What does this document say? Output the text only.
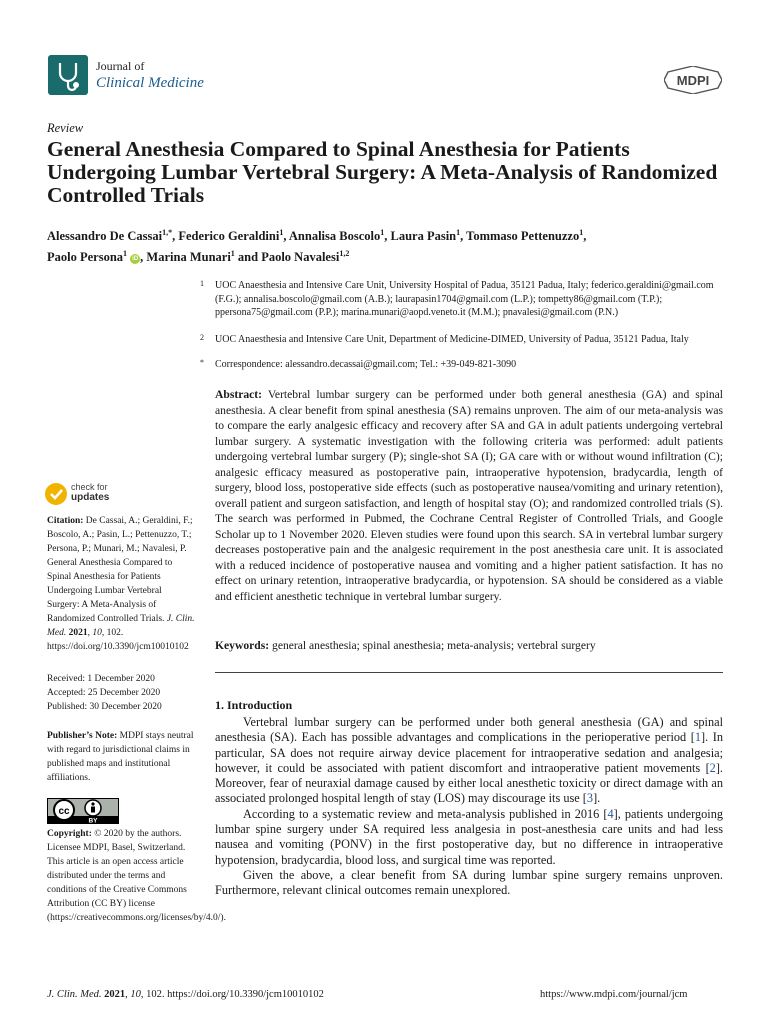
Journal of
Clinical Medicine	MDPI
Review
General Anesthesia Compared to Spinal Anesthesia for Patients Undergoing Lumbar Vertebral Surgery: A Meta-Analysis of Randomized Controlled Trials
Alessandro De Cassai$^{1,*}$, Federico Geraldini$^1$, Annalisa Boscolo$^1$, Laura Pasin$^1$, Tommaso Pettenuzzo$^1$,
Paolo Persona$^1$ iD , Marina Munari$^1$ and Paolo Navalesi$^{1,2}$
1 UOC Anaesthesia and Intensive Care Unit, University Hospital of Padua, 35121 Padua, Italy; federico.geraldini@gmail.com (F.G.); annalisa.boscolo@gmail.com (A.B.); laurapasin1704@gmail.com (L.P.); tompetty86@gmail.com (T.P.); ppersona75@gmail.com (P.P.); marina.munari@aopd.veneto.it (M.M.); pnavalesi@gmail.com (P.N.)
2 UOC Anaesthesia and Intensive Care Unit, Department of Medicine-DIMED, University of Padua, 35121 Padua, Italy
* Correspondence: alessandro.decassai@gmail.com; Tel.: +39-049-821-3090
Abstract: Vertebral lumbar surgery can be performed under both general anesthesia (GA) and spinal anesthesia. A clear benefit from spinal anesthesia (SA) remains unproven. The aim of our meta-analysis was to compare the early analgesic efficacy and recovery after SA and GA in adult patients undergoing vertebral lumbar surgery. A systematic investigation with the following criteria was performed: adult patients undergoing vertebral lumbar surgery (P); single-shot SA (I); GA care with or without wound infiltration (C); analgesic efficacy measured as postoperative pain, intraoperative hypotension, bradycardia, length of surgery, blood loss, postoperative side effects (such as postoperative nausea/vomiting and urinary retention), overall patient and surgeon satisfaction, and length of hospital stay (O); and randomized controlled trials (S). The search was performed in Pubmed, the Cochrane Central Register of Controlled Trials, and Google Scholar up to 1 November 2020. Eleven studies were found upon this search. SA in vertebral lumbar surgery decreases postoperative pain and the analgesic requirement in the post anesthesia care unit. It is associated with a reduced incidence of postoperative nausea and vomiting and a higher patient satisfaction. It has no effect on urinary retention, intraoperative bradycardia, or hypotension. SA should be considered as a viable and efficient anesthetic technique in vertebral lumbar surgery.
Keywords: general anesthesia; spinal anesthesia; meta-analysis; vertebral surgery
1. Introduction

Vertebral lumbar surgery can be performed under both general anesthesia (GA) and spinal anesthesia (SA). Each has possible advantages and complications in the perioperative period [1]. In particular, SA does not require airway device placement for intraoperative sedation and analgesia; however, it could be associated with patient discomfort and intraoperative patient movements [2]. Moreover, fear of neuraxial damage caused by either local anesthetic toxicity or direct damage with an associated prolonged hospital length of stay (LOS) may discourage its use [3].

According to a systematic review and meta-analysis published in 2016 [4], patients undergoing lumbar spine surgery under SA required less analgesia in post-anesthesia care units and had less nausea and vomiting (PONV) in the first postoperative day, but no difference in intraoperative hypotension, bradycardia, blood loss, and surgical time was reported.

Given the above, a clear benefit from SA during lumbar spine surgery remains unproven. Furthermore, relevant clinical outcomes remain unexplored.

check for
updates
Citation: De Cassai, A.; Geraldini, F.; Boscolo, A.; Pasin, L.; Pettenuzzo, T.; Persona, P.; Munari, M.; Navalesi, P. General Anesthesia Compared to Spinal Anesthesia for Patients Undergoing Lumbar Vertebral Surgery: A Meta-Analysis of Randomized Controlled Trials. J. Clin. Med. 2021, 10, 102. https://doi.org/10.3390/jcm10010102
Received: 1 December 2020
Accepted: 25 December 2020
Published: 30 December 2020
Publisher’s Note: MDPI stays neutral with regard to jurisdictional claims in published maps and institutional affiliations.
cc
BY
Copyright: © 2020 by the authors. Licensee MDPI, Basel, Switzerland. This article is an open access article distributed under the terms and conditions of the Creative Commons Attribution (CC BY) license (https://creativecommons.org/licenses/by/4.0/).
J. Clin. Med. 2021, 10, 102. https://doi.org/10.3390/jcm10010102	https://www.mdpi.com/journal/jcm
